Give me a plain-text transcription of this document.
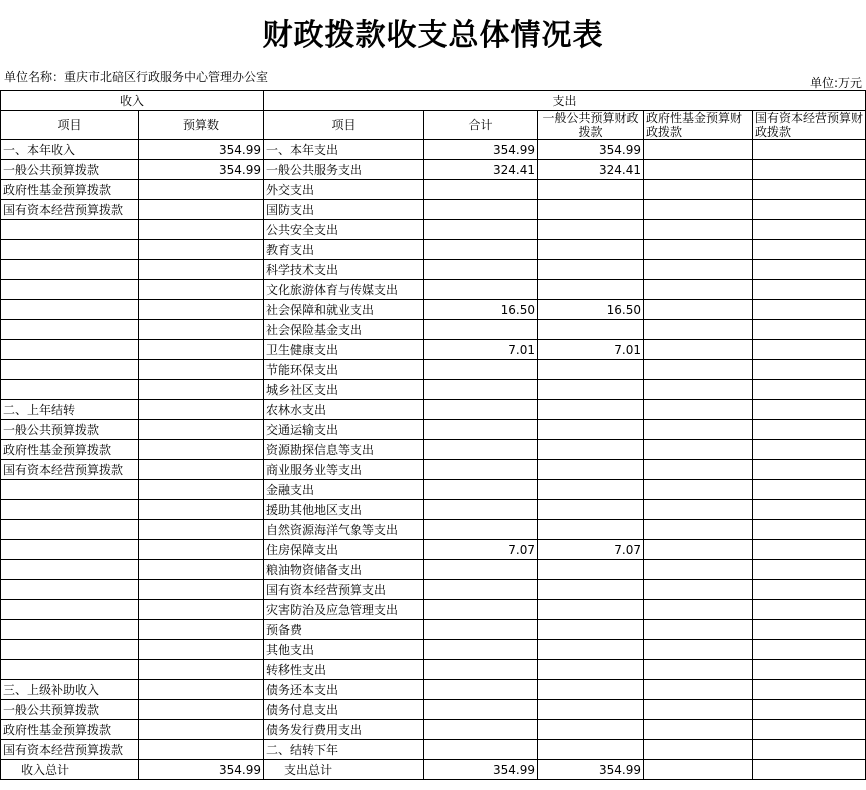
财政拨款收支总体情况表
单位名称：重庆市北碚区行政服务中心管理办公室	单位:万元
收入		支出				
项目	预算数	项目	合计	一般公共预算财政拨款	政府性基金预算财政拨款	国有资本经营预算财政拨款
一、本年收入	354.99	一、本年支出	354.99	354.99		
一般公共预算拨款	354.99	一般公共服务支出	324.41	324.41		
政府性基金预算拨款		外交支出				
国有资本经营预算拨款		国防支出				
		公共安全支出				
		教育支出				
		科学技术支出				
		文化旅游体育与传媒支出				
		社会保障和就业支出	16.50	16.50		
		社会保险基金支出				
		卫生健康支出	7.01	7.01		
		节能环保支出				
		城乡社区支出				
二、上年结转		农林水支出				
一般公共预算拨款		交通运输支出				
政府性基金预算拨款		资源勘探信息等支出				
国有资本经营预算拨款		商业服务业等支出				
		金融支出				
		援助其他地区支出				
		自然资源海洋气象等支出				
		住房保障支出	7.07	7.07		
		粮油物资储备支出				
		国有资本经营预算支出				
		灾害防治及应急管理支出				
		预备费				
		其他支出				
		转移性支出				
三、上级补助收入		债务还本支出				
一般公共预算拨款		债务付息支出				
政府性基金预算拨款		债务发行费用支出				
国有资本经营预算拨款		二、结转下年				
收入总计	354.99	支出总计	354.99	354.99		
